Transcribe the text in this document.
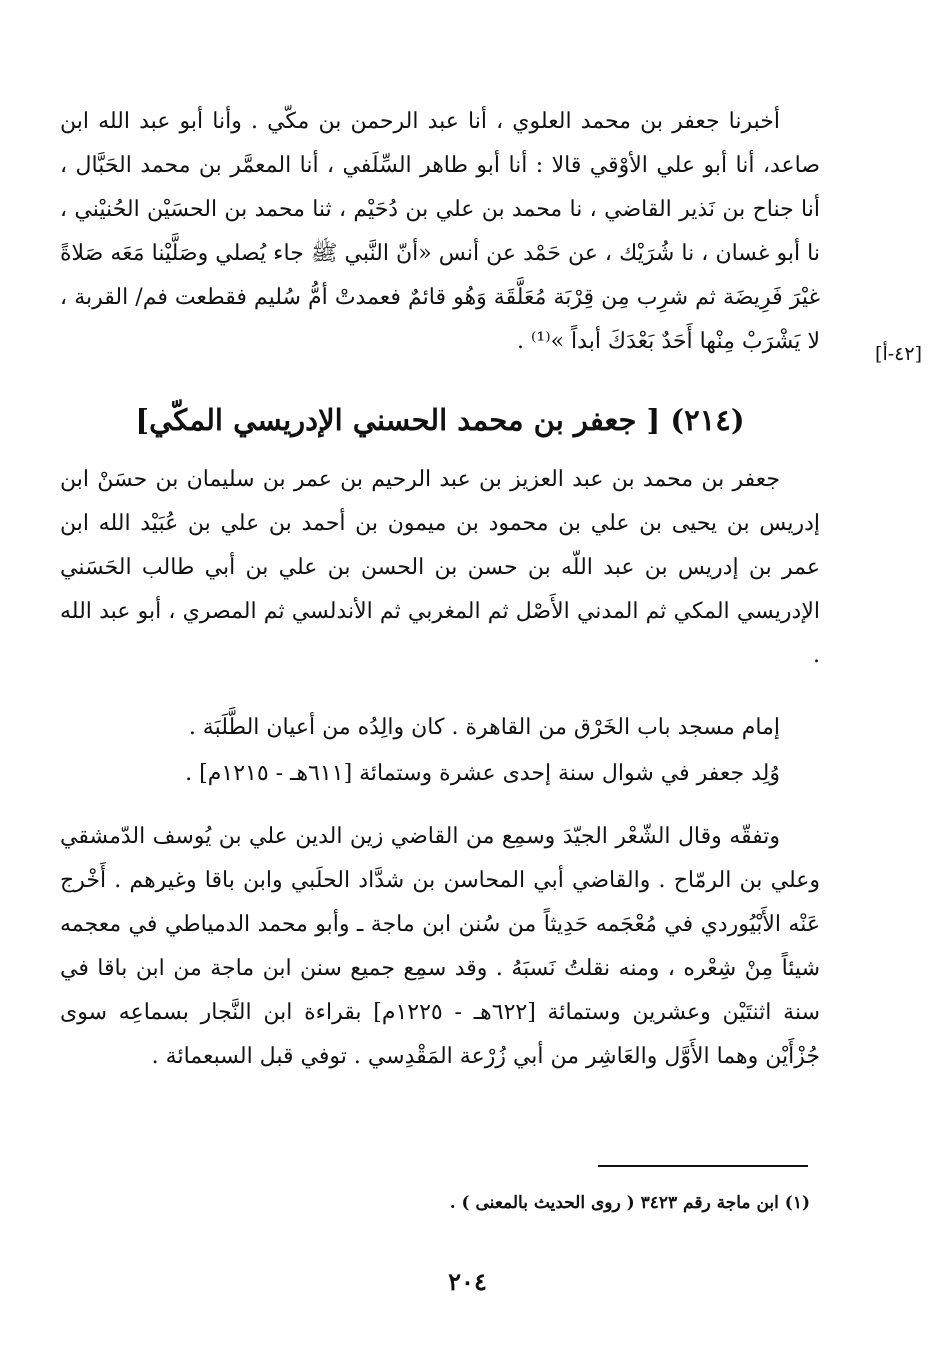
أخبرنا جعفر بن محمد العلوي ، أنا عبد الرحمن بن مكّي . وأنا أبو عبد الله ابن صاعد، أنا أبو علي الأوْقي قالا : أنا أبو طاهر السِّلَفي ، أنا المعمَّر بن محمد الحَبَّال ، أنا جناح بن نَذير القاضي ، نا محمد بن علي بن دُحَيْم ، ثنا محمد بن الحسَيْن الحُنيْني ، نا أبو غسان ، نا شُرَيْك ، عن حَمْد عن أنس «أنّ النَّبي ﷺ جاء يُصلي وصَلَّيْنا مَعَه صَلاةً غيْرَ فَرِيضَة ثم شرِب مِن قِرْبَة مُعَلَّقَة وَهُو قائمٌ فعمدتْ أمُّ سُليم فقطعت فم/ القربة ، لا يَشْرَبْ مِنْها أَحَدٌ بَعْدَكَ أبداً »⁽¹⁾ .	[٤٢-أ]
(٢١٤) [ جعفر بن محمد الحسني الإدريسي المكّي]

جعفر بن محمد بن عبد العزيز بن عبد الرحيم بن عمر بن سليمان بن حسَنْ ابن إدريس بن يحيى بن علي بن محمود بن ميمون بن أحمد بن علي بن عُبَيْد الله ابن عمر بن إدريس بن عبد اللّه بن حسن بن الحسن بن علي بن أبي طالب الحَسَني الإدريسي المكي ثم المدني الأَصْل ثم المغربي ثم الأندلسي ثم المصري ، أبو عبد الله .

إمام مسجد باب الخَرْق من القاهرة . كان والِدُه من أعيان الطَّلَبَة .

وُلِد جعفر في شوال سنة إحدى عشرة وستمائة [٦١١هـ - ١٢١٥م] .

وتفقّه وقال الشّعْر الجيّدَ وسمِع من القاضي زين الدين علي بن يُوسف الدّمشقي وعلي بن الرمّاح . والقاضي أبي المحاسن بن شدَّاد الحلَبي وابن باقا وغيرهم . أَخْرج عَنْه الأَبْيُوردي في مُعْجَمه حَدِيثاً من سُنن ابن ماجة ـ وأبو محمد الدمياطي في معجمه شيئاً مِنْ شِعْره ، ومنه نقلتُ نَسبَهُ . وقد سمِع جميع سنن ابن ماجة من ابن باقا في سنة اثنتَيْن وعشرين وستمائة [٦٢٢هـ - ١٢٢٥م] بقراءة ابن النَّجار بسماعِه سوى جُزْأَيْن وهما الأَوَّل والعَاشِر من أبي زُرْعة المَقْدِسي . توفي قبل السبعمائة .

(١) ابن ماجة رقم ٣٤٢٣ ( روى الحديث بالمعنى ) .
٢٠٤
